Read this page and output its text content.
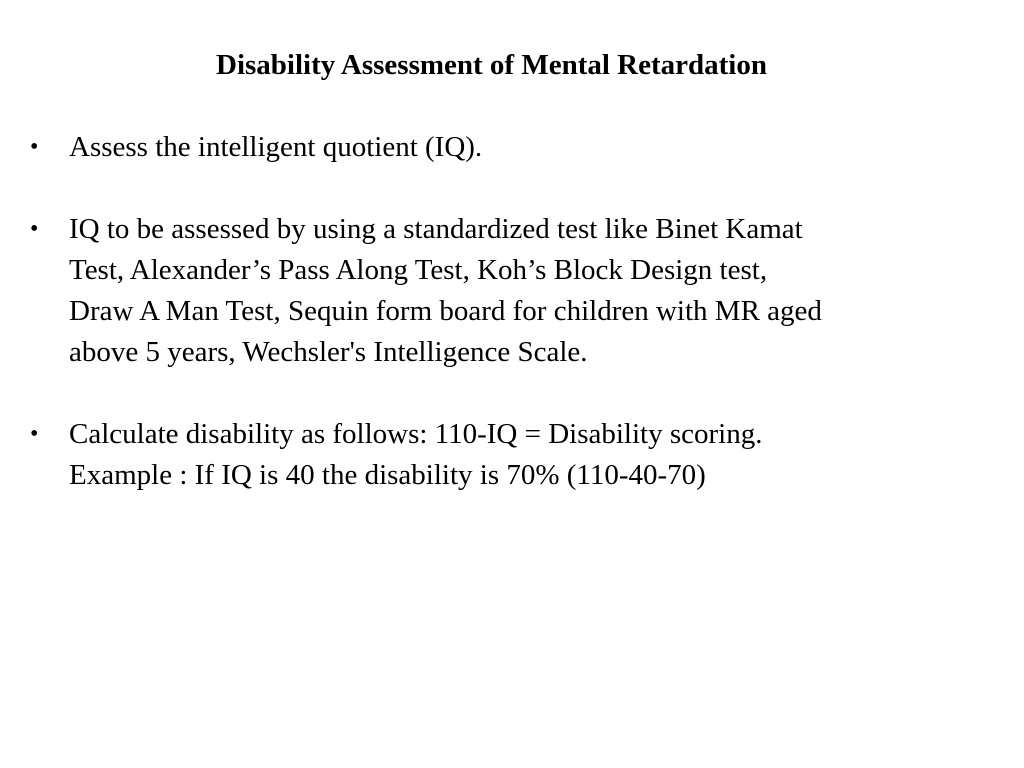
Disability Assessment of Mental Retardation
• Assess the intelligent quotient (IQ).
• IQ to be assessed by using a standardized test like Binet Kamat
Test, Alexander’s Pass Along Test, Koh’s Block Design test,
Draw A Man Test, Sequin form board for children with MR aged
above 5 years, Wechsler's Intelligence Scale.
• Calculate disability as follows: 110-IQ = Disability scoring.
Example : If IQ is 40 the disability is 70% (110-40-70)
